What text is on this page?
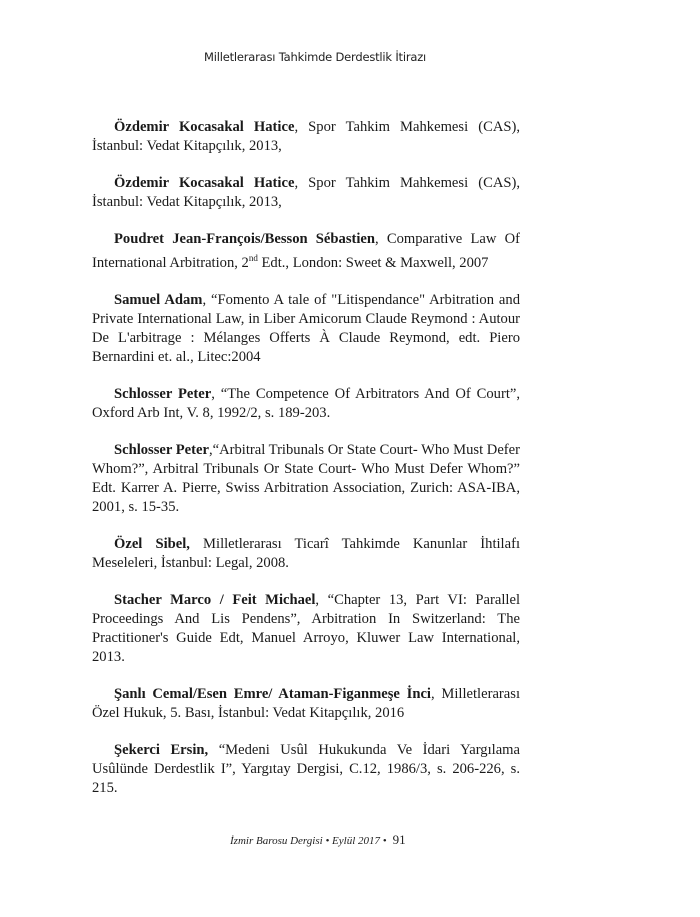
Milletlerarası Tahkimde Derdestlik İtirazı

Özdemir Kocasakal Hatice, Spor Tahkim Mahkemesi (CAS), İstanbul: Vedat Kitapçılık, 2013,

Özdemir Kocasakal Hatice, Spor Tahkim Mahkemesi (CAS), İstanbul: Vedat Kitapçılık, 2013,

Poudret Jean-François/Besson Sébastien, Comparative Law Of International Arbitration, 2nd Edt., London: Sweet & Maxwell, 2007

Samuel Adam, “Fomento A tale of "Litispendance" Arbitration and Private International Law, in Liber Amicorum Claude Reymond : Autour De L'arbitrage : Mélanges Offerts À Claude Reymond, edt. Piero Bernardini et. al., Litec:2004

Schlosser Peter, “The Competence Of Arbitrators And Of Court”, Oxford Arb Int, V. 8, 1992/2, s. 189-203.

Schlosser Peter,“Arbitral Tribunals Or State Court- Who Must Defer Whom?”, Arbitral Tribunals Or State Court- Who Must Defer Whom?” Edt. Karrer A. Pierre, Swiss Arbitration Association, Zurich: ASA-IBA, 2001, s. 15-35.

Özel Sibel, Milletlerarası Ticarî Tahkimde Kanunlar İhtilafı Meseleleri, İstanbul: Legal, 2008.

Stacher Marco / Feit Michael, “Chapter 13, Part VI: Parallel Proceedings And Lis Pendens”, Arbitration In Switzerland: The Practitioner's Guide Edt, Manuel Arroyo, Kluwer Law International, 2013.

Şanlı Cemal/Esen Emre/ Ataman-Figanmeşe İnci, Milletlerarası Özel Hukuk, 5. Bası, İstanbul: Vedat Kitapçılık, 2016

Şekerci Ersin, “Medeni Usûl Hukukunda Ve İdari Yargılama Usûlünde Derdestlik I”, Yargıtay Dergisi, C.12, 1986/3, s. 206-226, s. 215.

İzmir Barosu Dergisi • Eylül 2017 • 91
